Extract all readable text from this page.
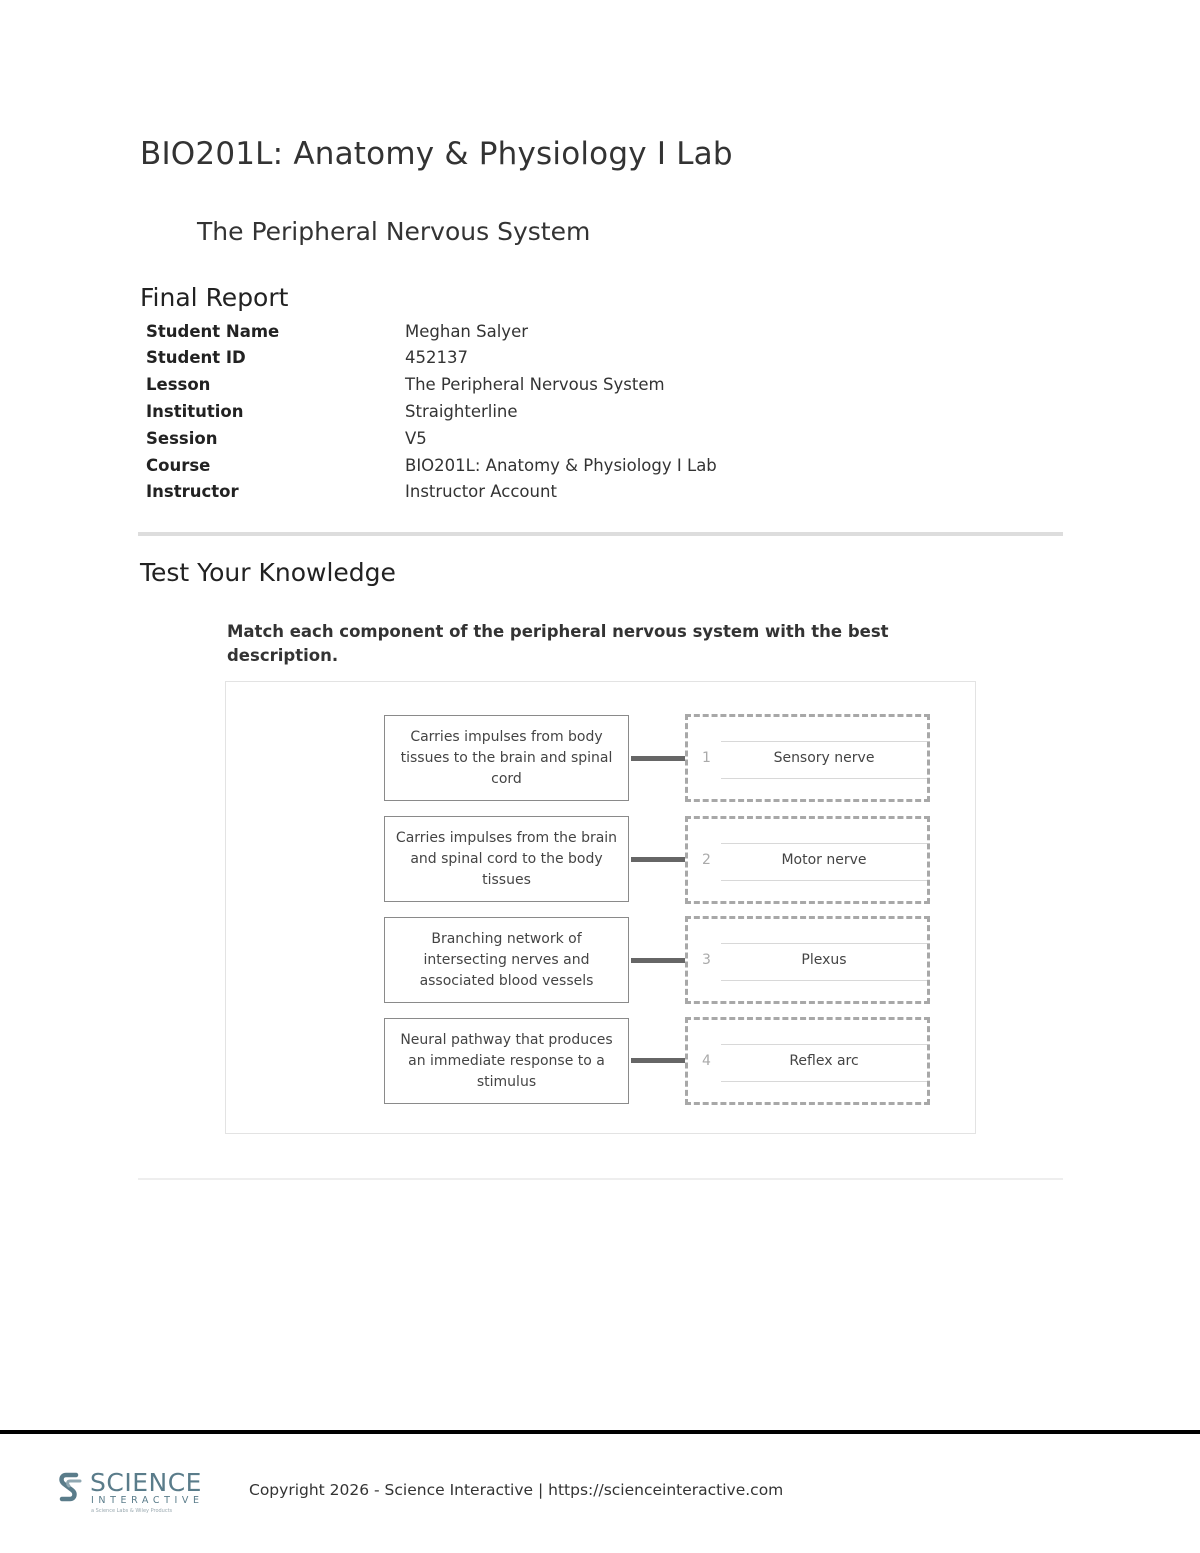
BIO201L: Anatomy & Physiology I Lab
The Peripheral Nervous System
Final Report
Student Name	Meghan Salyer
Student ID	452137
Lesson	The Peripheral Nervous System
Institution	Straighterline
Session	V5
Course	BIO201L: Anatomy & Physiology I Lab
Instructor	Instructor Account
Test Your Knowledge
Match each component of the peripheral nervous system with the best description.
Carries impulses from body tissues to the brain and spinal cord
1	Sensory nerve
Carries impulses from the brain and spinal cord to the body tissues
2	Motor nerve
Branching network of intersecting nerves and associated blood vessels
3	Plexus
Neural pathway that produces an immediate response to a stimulus
4	Reflex arc
SCIENCE
INTERACTIVE
a Science Labs & Wiley Products
Copyright 2026 - Science Interactive | https://scienceinteractive.com
